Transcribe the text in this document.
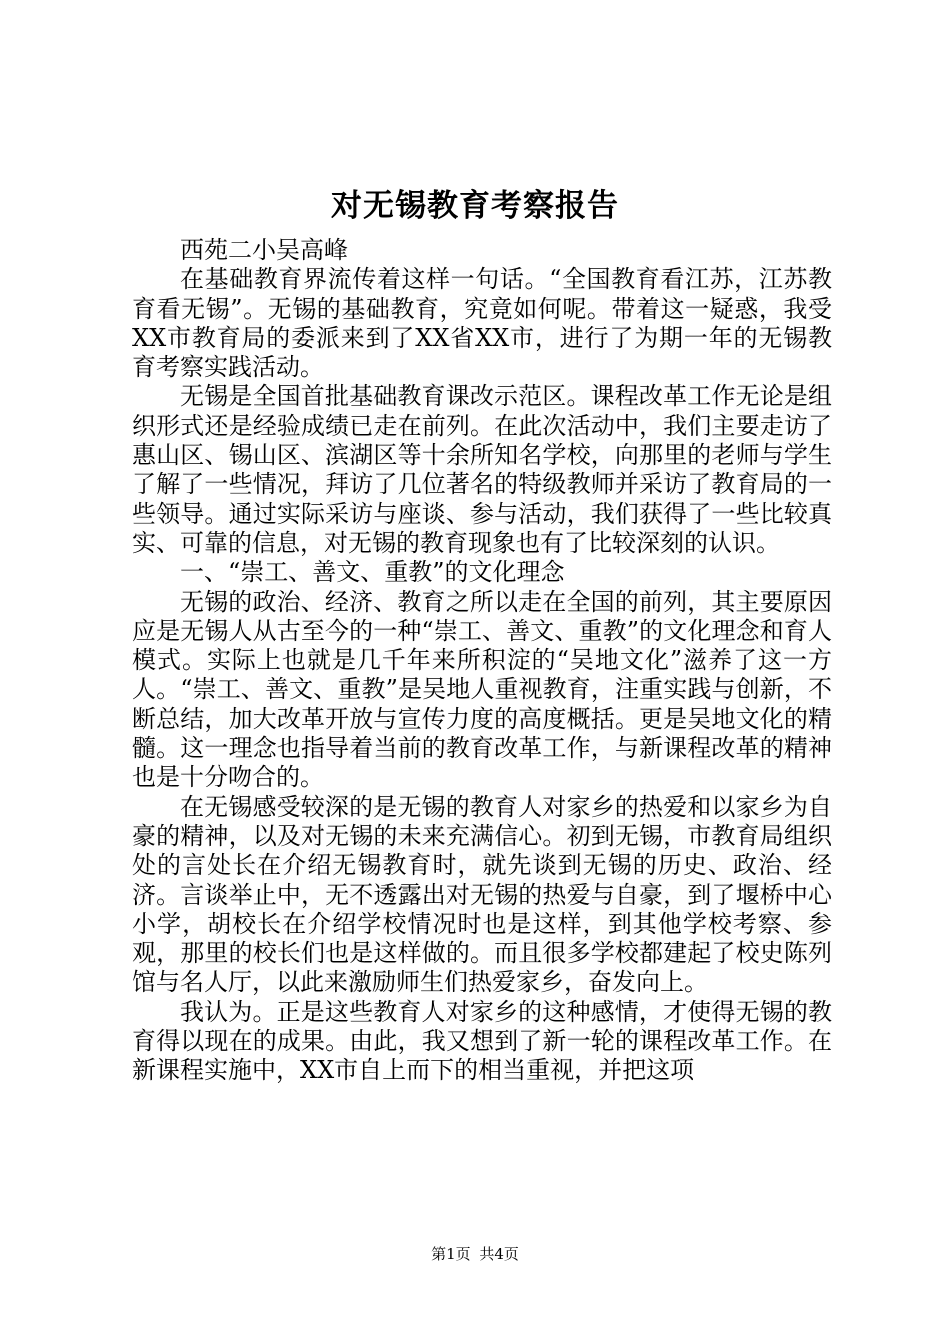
对无锡教育考察报告

西苑二小吴高峰

在基础教育界流传着这样一句话。“全国教育看江苏，江苏教育看无锡”。无锡的基础教育，究竟如何呢。带着这一疑惑，我受XX市教育局的委派来到了XX省XX市，进行了为期一年的无锡教育考察实践活动。

无锡是全国首批基础教育课改示范区。课程改革工作无论是组织形式还是经验成绩已走在前列。在此次活动中，我们主要走访了惠山区、锡山区、滨湖区等十余所知名学校，向那里的老师与学生了解了一些情况，拜访了几位著名的特级教师并采访了教育局的一些领导。通过实际采访与座谈、参与活动，我们获得了一些比较真实、可靠的信息，对无锡的教育现象也有了比较深刻的认识。

一、“崇工、善文、重教”的文化理念

无锡的政治、经济、教育之所以走在全国的前列，其主要原因应是无锡人从古至今的一种“崇工、善文、重教”的文化理念和育人模式。实际上也就是几千年来所积淀的“吴地文化”滋养了这一方人。“崇工、善文、重教”是吴地人重视教育，注重实践与创新，不断总结，加大改革开放与宣传力度的高度概括。更是吴地文化的精髓。这一理念也指导着当前的教育改革工作，与新课程改革的精神也是十分吻合的。

在无锡感受较深的是无锡的教育人对家乡的热爱和以家乡为自豪的精神，以及对无锡的未来充满信心。初到无锡，市教育局组织处的言处长在介绍无锡教育时，就先谈到无锡的历史、政治、经济。言谈举止中，无不透露出对无锡的热爱与自豪，到了堰桥中心小学，胡校长在介绍学校情况时也是这样，到其他学校考察、参观，那里的校长们也是这样做的。而且很多学校都建起了校史陈列馆与名人厅，以此来激励师生们热爱家乡，奋发向上。

我认为。正是这些教育人对家乡的这种感情，才使得无锡的教育得以现在的成果。由此，我又想到了新一轮的课程改革工作。在新课程实施中，XX市自上而下的相当重视，并把这项

第1页 共4页
